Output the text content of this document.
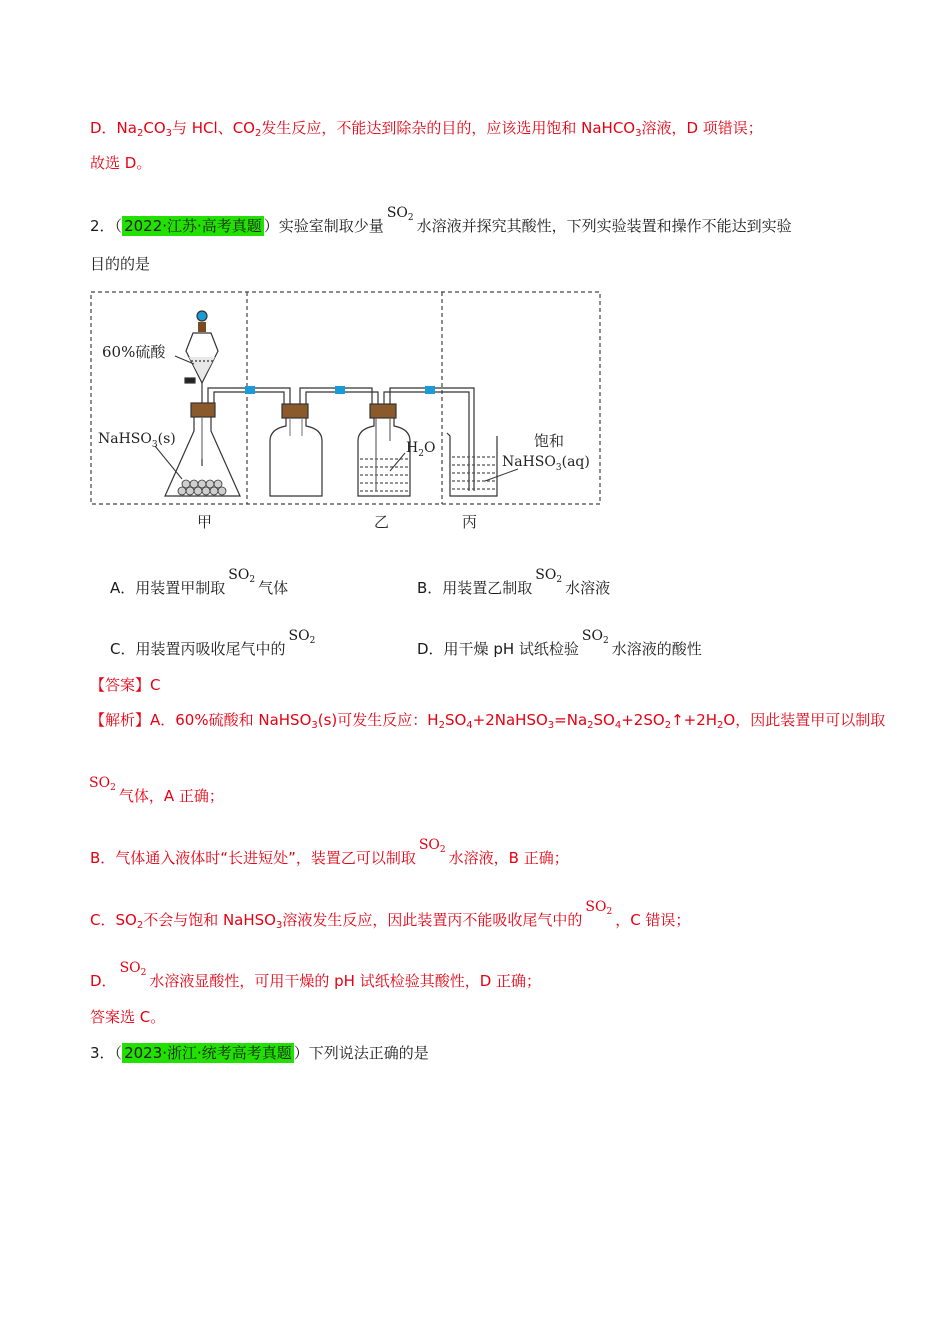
D．$Na_2CO_3$与 HCl、$CO_2$发生反应，不能达到除杂的目的，应该选用饱和 NaHCO$_3$溶液，D 项错误；
故选 D。
2．（ 2022·江苏·高考真题 ）实验室制取少量$SO_2$ 水溶液并探究其酸性，下列实验装置和操作不能达到实验
目的的是
60%硫酸
NaHSO$_3$(s)
$H_2O$	饱和
NaHSO$_3$(aq)
甲	乙	丙
A．用装置甲制取$SO_2$ 气体	B．用装置乙制取$SO_2$ 水溶液
C．用装置丙吸收尾气中的$SO_2$	D．用干燥 pH 试纸检验$SO_2$ 水溶液的酸性
【答案】C
【解析】A．60%硫酸和 NaHSO$_3$(s)可发生反应：$H_2SO_4+2NaHSO_3=Na_2SO_4+2SO_2↑+2H_2O$，因此装置甲可以制取
$SO_2$ 气体，A 正确；
B．气体通入液体时“长进短处”，装置乙可以制取$SO_2$ 水溶液，B 正确；
C．$SO_2$不会与饱和 NaHSO$_3$溶液发生反应，因此装置丙不能吸收尾气中的$SO_2$ ，C 错误；
D．$SO_2$ 水溶液显酸性，可用干燥的 pH 试纸检验其酸性，D 正确；
答案选 C。
3．（ 2023·浙江·统考高考真题 ）下列说法正确的是
